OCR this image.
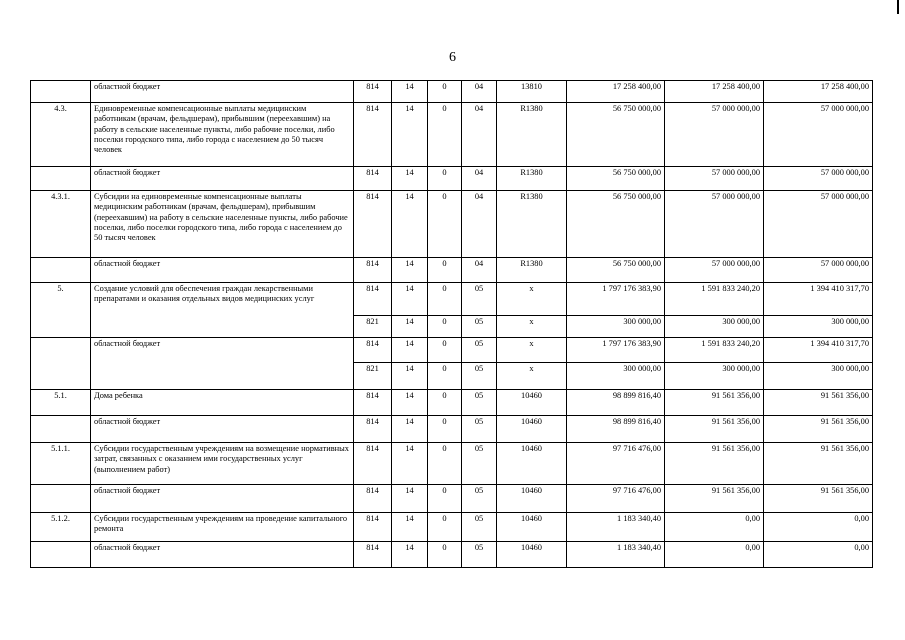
6
	областной бюджет	814	14	0	04	13810	17 258 400,00	17 258 400,00	17 258 400,00
4.3.	Единовременные компенсационные выплаты медицинским работникам (врачам, фельдшерам), прибывшим (переехавшим) на работу в сельские населенные пункты, либо рабочие поселки, либо поселки городского типа, либо города с населением до 50 тысяч человек	814	14	0	04	R1380	56 750 000,00	57 000 000,00	57 000 000,00
	областной бюджет	814	14	0	04	R1380	56 750 000,00	57 000 000,00	57 000 000,00
4.3.1.	Субсидии на единовременные компенсационные выплаты медицинским работникам (врачам, фельдшерам), прибывшим (переехавшим) на работу в сельские населенные пункты, либо рабочие поселки, либо поселки городского типа, либо города с населением до 50 тысяч человек	814	14	0	04	R1380	56 750 000,00	57 000 000,00	57 000 000,00
	областной бюджет	814	14	0	04	R1380	56 750 000,00	57 000 000,00	57 000 000,00
5.	Создание условий для обеспечения граждан лекарственными препаратами и оказания отдельных видов медицинских услуг	814	14	0	05	x	1 797 176 383,90	1 591 833 240,20	1 394 410 317,70
		821	14	0	05	x	300 000,00	300 000,00	300 000,00
	областной бюджет	814	14	0	05	x	1 797 176 383,90	1 591 833 240,20	1 394 410 317,70
		821	14	0	05	x	300 000,00	300 000,00	300 000,00
5.1.	Дома ребенка	814	14	0	05	10460	98 899 816,40	91 561 356,00	91 561 356,00
	областной бюджет	814	14	0	05	10460	98 899 816,40	91 561 356,00	91 561 356,00
5.1.1.	Субсидии государственным учреждениям на возмещение нормативных затрат, связанных с оказанием ими государственных услуг (выполнением работ)	814	14	0	05	10460	97 716 476,00	91 561 356,00	91 561 356,00
	областной бюджет	814	14	0	05	10460	97 716 476,00	91 561 356,00	91 561 356,00
5.1.2.	Субсидии государственным учреждениям на проведение капитального ремонта	814	14	0	05	10460	1 183 340,40	0,00	0,00
	областной бюджет	814	14	0	05	10460	1 183 340,40	0,00	0,00
